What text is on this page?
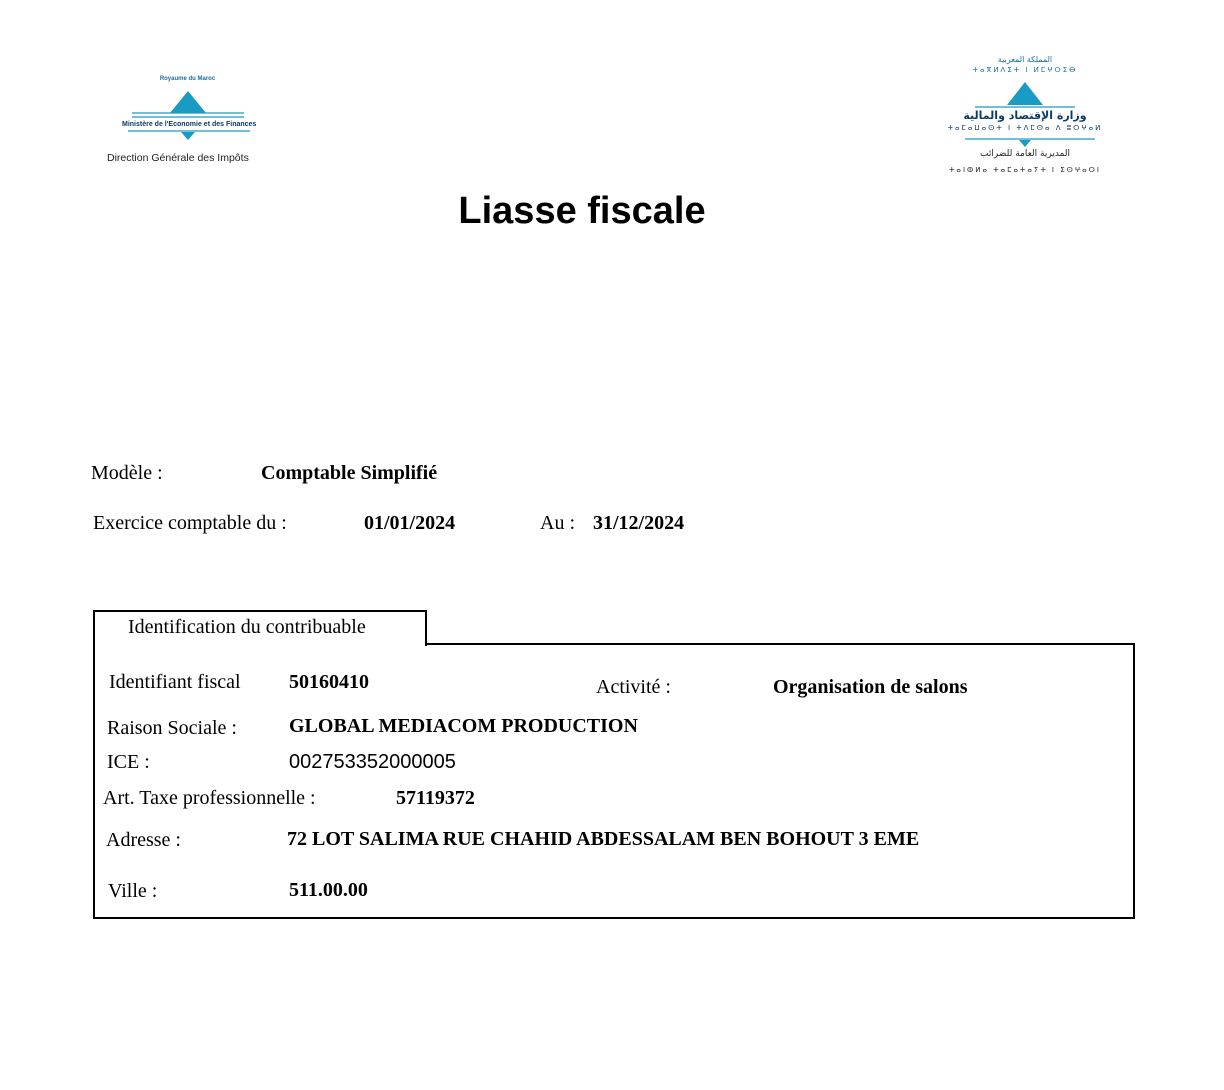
Royaume du Maroc
Ministère de l'Economie et des Finances
Direction Générale des Impôts
المملكة المغربية
ⵜⴰⴳⵍⴷⵉⵜ ⵏ ⵍⵎⵖⵔⵉⴱ
وزارة الإقتصاد والمالية
ⵜⴰⵎⴰⵡⴰⵙⵜ ⵏ ⵜⴷⵎⵙⴰ ⴷ ⵓⵔⵖⴰⵍ
المديرية العامة للضرائب
ⵜⴰⵏⵀⵍⴰ ⵜⴰⵎⴰⵜⴰⵢⵜ ⵏ ⵉⵙⵖⴰⵔⵏ
Liasse fiscale
Modèle :	Comptable Simplifié
Exercice comptable du :	01/01/2024	Au : 31/12/2024
Identification du contribuable
Identifiant fiscal 50160410	Activité :	Organisation de salons
Raison Sociale :	GLOBAL MEDIACOM PRODUCTION
ICE :	002753352000005
Art. Taxe professionnelle :	57119372
Adresse :	72 LOT SALIMA RUE CHAHID ABDESSALAM BEN BOHOUT 3 EME
Ville :	511.00.00
